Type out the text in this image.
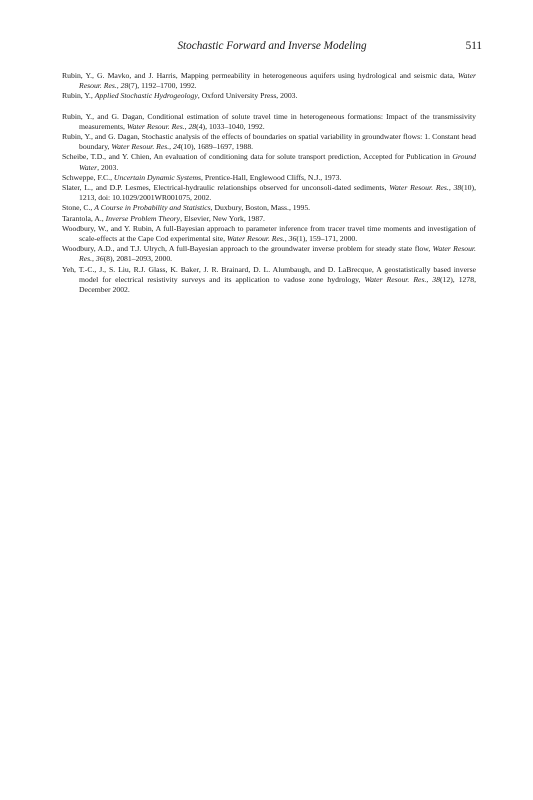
Stochastic Forward and Inverse Modeling	511

Rubin, Y., G. Mavko, and J. Harris, Mapping permeability in heterogeneous aquifers using hydrological and seismic data, Water Resour. Res., 28(7), 1192–1700, 1992.

Rubin, Y., Applied Stochastic Hydrogeology, Oxford University Press, 2003.

Rubin, Y., and G. Dagan, Conditional estimation of solute travel time in heterogeneous formations: Impact of the transmissivity measurements, Water Resour. Res., 28(4), 1033–1040, 1992.

Rubin, Y., and G. Dagan, Stochastic analysis of the effects of boundaries on spatial variability in groundwater flows: 1. Constant head boundary, Water Resour. Res., 24(10), 1689–1697, 1988.

Scheibe, T.D., and Y. Chien, An evaluation of conditioning data for solute transport prediction, Accepted for Publication in Ground Water, 2003.

Schweppe, F.C., Uncertain Dynamic Systems, Prentice-Hall, Englewood Cliffs, N.J., 1973.

Slater, L., and D.P. Lesmes, Electrical-hydraulic relationships observed for unconsoli-dated sediments, Water Resour. Res., 38(10), 1213, doi: 10.1029/2001WR001075, 2002.

Stone, C., A Course in Probability and Statistics, Duxbury, Boston, Mass., 1995.

Tarantola, A., Inverse Problem Theory, Elsevier, New York, 1987.

Woodbury, W., and Y. Rubin, A full-Bayesian approach to parameter inference from tracer travel time moments and investigation of scale-effects at the Cape Cod experimental site, Water Resour. Res., 36(1), 159–171, 2000.

Woodbury, A.D., and T.J. Ulrych, A full-Bayesian approach to the groundwater inverse problem for steady state flow, Water Resour. Res., 36(8), 2081–2093, 2000.

Yeh, T.-C., J., S. Liu, R.J. Glass, K. Baker, J. R. Brainard, D. L. Alumbaugh, and D. LaBrecque, A geostatistically based inverse model for electrical resistivity surveys and its application to vadose zone hydrology, Water Resour. Res., 38(12), 1278, December 2002.
